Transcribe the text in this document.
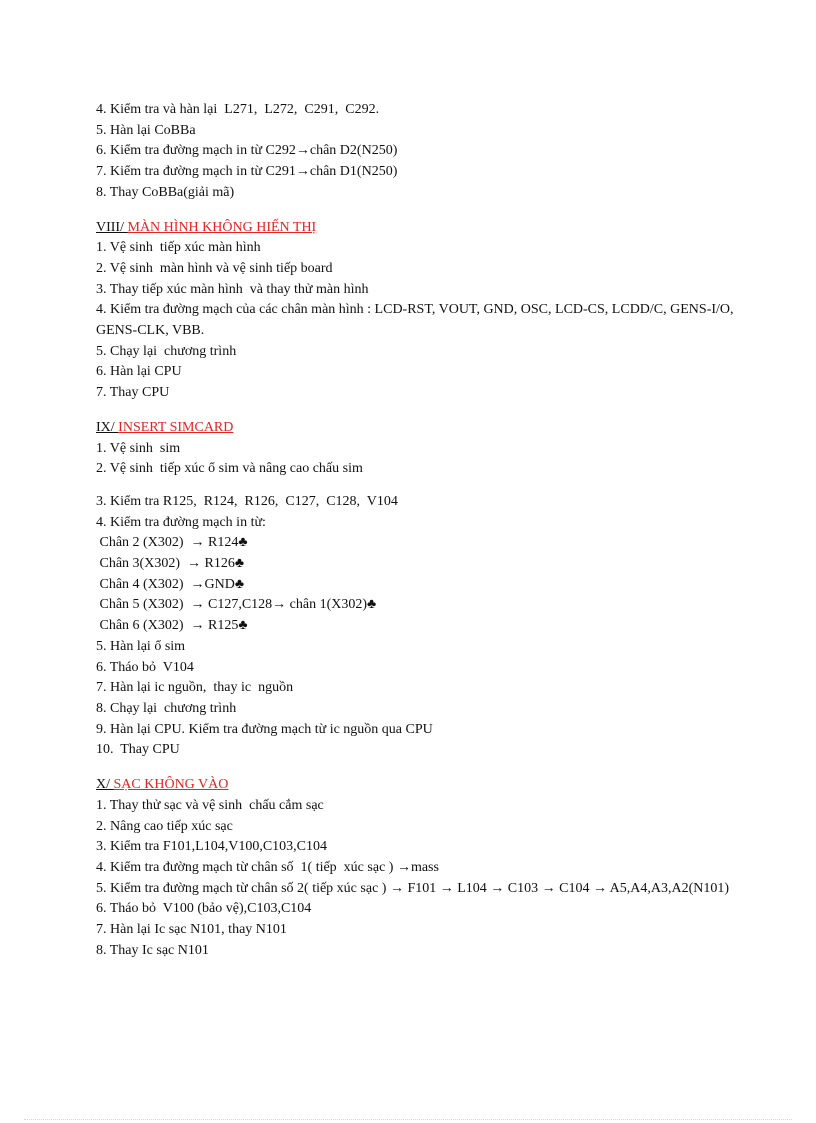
4. Kiểm tra và hàn lại  L271,  L272,  C291,  C292.
5. Hàn lại CoBBa
6. Kiểm tra đường mạch in từ C292→chân D2(N250)
7. Kiểm tra đường mạch in từ C291→chân D1(N250)
8. Thay CoBBa(giải mã)
VIII/ MÀN HÌNH KHÔNG HIỂN THỊ
1. Vệ sinh  tiếp xúc màn hình
2. Vệ sinh  màn hình và vệ sinh tiếp board
3. Thay tiếp xúc màn hình  và thay thử màn hình
4. Kiểm tra đường mạch của các chân màn hình : LCD-RST, VOUT, GND, OSC, LCD-CS, LCDD/C, GENS-I/O, GENS-CLK, VBB.
5. Chạy lại  chương trình
6. Hàn lại CPU
7. Thay CPU
IX/ INSERT SIMCARD
1. Vệ sinh  sim
2. Vệ sinh  tiếp xúc ổ sim và nâng cao chấu sim
3. Kiểm tra R125,  R124,  R126,  C127,  C128,  V104
4. Kiểm tra đường mạch in từ:
Chân 2 (X302)  → R124♣
Chân 3(X302)  → R126♣
Chân 4 (X302)  →GND♣
Chân 5 (X302)  → C127,C128→ chân 1(X302)♣
Chân 6 (X302)  → R125♣
5. Hàn lại ổ sim
6. Tháo bỏ  V104
7. Hàn lại ic nguồn,  thay ic  nguồn
8. Chạy lại  chương trình
9. Hàn lại CPU. Kiểm tra đường mạch từ ic nguồn qua CPU
10.  Thay CPU
X/ SẠC KHÔNG VÀO
1. Thay thử sạc và vệ sinh  chấu cắm sạc
2. Nâng cao tiếp xúc sạc
3. Kiểm tra F101,L104,V100,C103,C104
4. Kiểm tra đường mạch từ chân số  1( tiếp  xúc sạc ) →mass
5. Kiểm tra đường mạch từ chân số 2( tiếp xúc sạc ) → F101 → L104 → C103 → C104 → A5,A4,A3,A2(N101)
6. Tháo bỏ  V100 (bảo vệ),C103,C104
7. Hàn lại Ic sạc N101, thay N101
8. Thay Ic sạc N101
